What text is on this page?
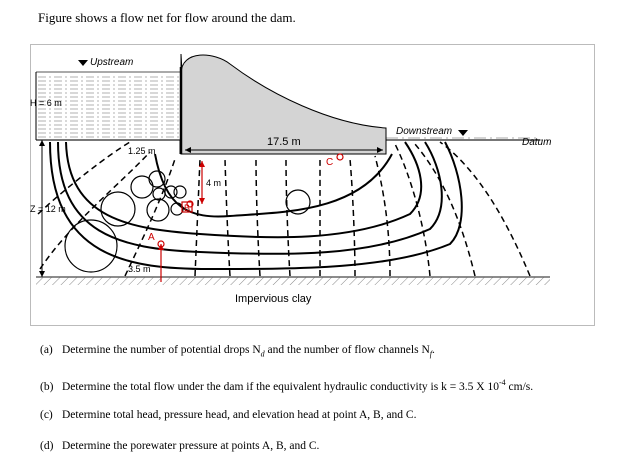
Figure shows a flow net for flow around the dam.
Upstream
H = 6 m
Z = 12 m
17.5 m
1.25 m
4 m
3.5 m
A
B
C
Downstream
Datum
Impervious clay
(a) Determine the number of potential drops $N_d$ and the number of flow channels $N_f$.
(b) Determine the total flow under the dam if the equivalent hydraulic conductivity is k = 3.5 X $10^{-4}$ cm/s.
(c) Determine total head, pressure head, and elevation head at point A, B, and C.
(d) Determine the porewater pressure at points A, B, and C.
